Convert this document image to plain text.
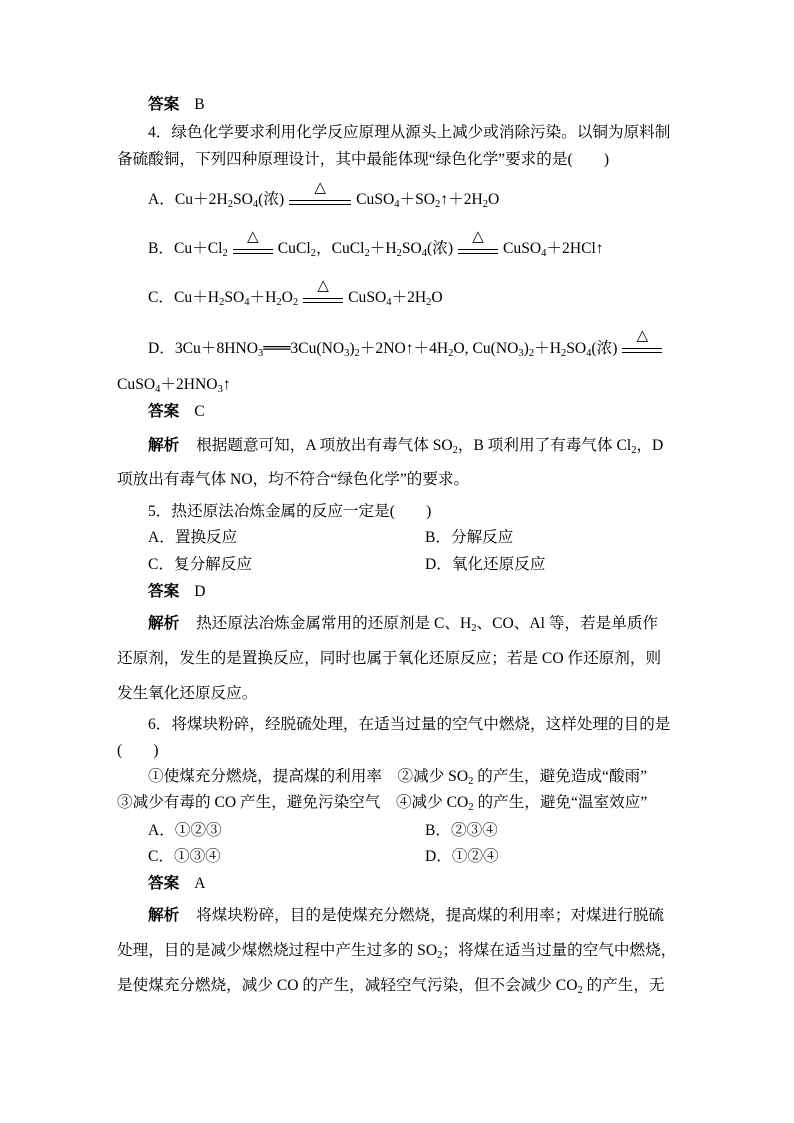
答案 B
4．绿色化学要求利用化学反应原理从源头上减少或消除污染。以铜为原料制
备硫酸铜，下列四种原理设计，其中最能体现“绿色化学”要求的是(　　)
A．$Cu+2H_2SO_4$(浓)
△
$CuSO_4+SO_2↑+2H_2O$
B．$Cu+Cl_2$
△
CuCl$_2$，$CuCl_2+H_2SO_4$(浓)
△
CuSO$_4$＋2HCl↑
C．$Cu+H_2SO_4+H_2O_2$
△
$CuSO_4+2H_2O$
D．$3Cu+8HNO_3═══3Cu(NO_3)_2+2NO↑+4H_2O$, $Cu(NO_3)_2+H_2SO_4$(浓)
△
$CuSO_4+2HNO_3↑$
答案 C
解析 根据题意可知，A 项放出有毒气体 $SO_2$，B 项利用了有毒气体 $Cl_2$，D
项放出有毒气体 NO，均不符合“绿色化学”的要求。
5．热还原法冶炼金属的反应一定是(　　)
A．置换反应	B．分解反应
C．复分解反应	D．氧化还原反应
答案 D
解析 热还原法冶炼金属常用的还原剂是 C、$H_2$、CO、Al 等，若是单质作
还原剂，发生的是置换反应，同时也属于氧化还原反应；若是 CO 作还原剂，则
发生氧化还原反应。
6．将煤块粉碎，经脱硫处理，在适当过量的空气中燃烧，这样处理的目的是
(　　)
①使煤充分燃烧，提高煤的利用率　②减少 $SO_2$ 的产生，避免造成“酸雨”
③减少有毒的 CO 产生，避免污染空气　④减少 $CO_2$ 的产生，避免“温室效应”
A．①②③	B．②③④
C．①③④	D．①②④
答案 A
解析 将煤块粉碎，目的是使煤充分燃烧，提高煤的利用率；对煤进行脱硫
处理，目的是减少煤燃烧过程中产生过多的 $SO_2$；将煤在适当过量的空气中燃烧，
是使煤充分燃烧，减少 CO 的产生，减轻空气污染，但不会减少 $CO_2$ 的产生，无
